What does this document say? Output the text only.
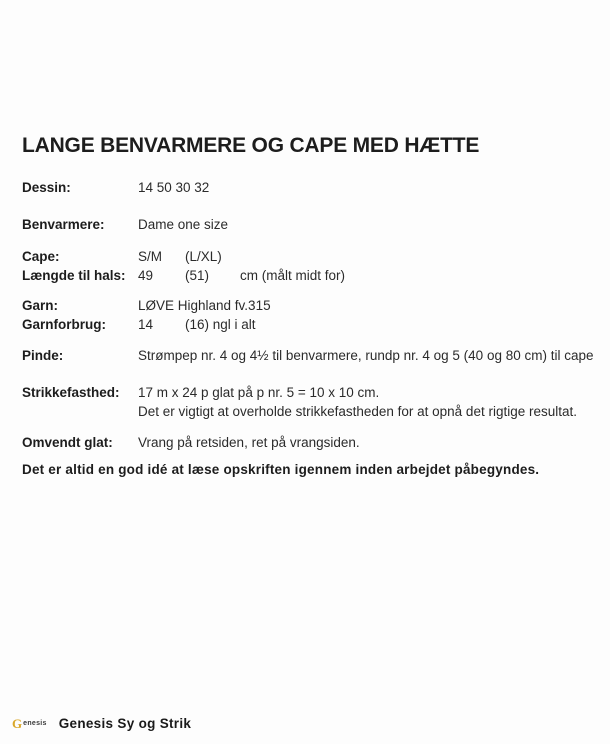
LANGE BENVARMERE OG CAPE MED HÆTTE
Dessin:	14 50 30 32
Benvarmere:	Dame one size
Cape:	S/M	(L/XL)
Længde til hals: 49	(51)	cm (målt midt for)
Garn:	LØVE Highland fv.315
Garnforbrug:	14	(16) ngl i alt
Pinde:	Strømpep nr. 4 og 4½ til benvarmere, rundp nr. 4 og 5 (40 og 80 cm) til cape
Strikkefasthed:	17 m x 24 p glat på p nr. 5 = 10 x 10 cm.
Det er vigtigt at overholde strikkefastheden for at opnå det rigtige resultat.
Omvendt glat:	Vrang på retsiden, ret på vrangsiden.

Det er altid en god idé at læse opskriften igennem inden arbejdet påbegyndes.

G enesis Genesis Sy og Strik
